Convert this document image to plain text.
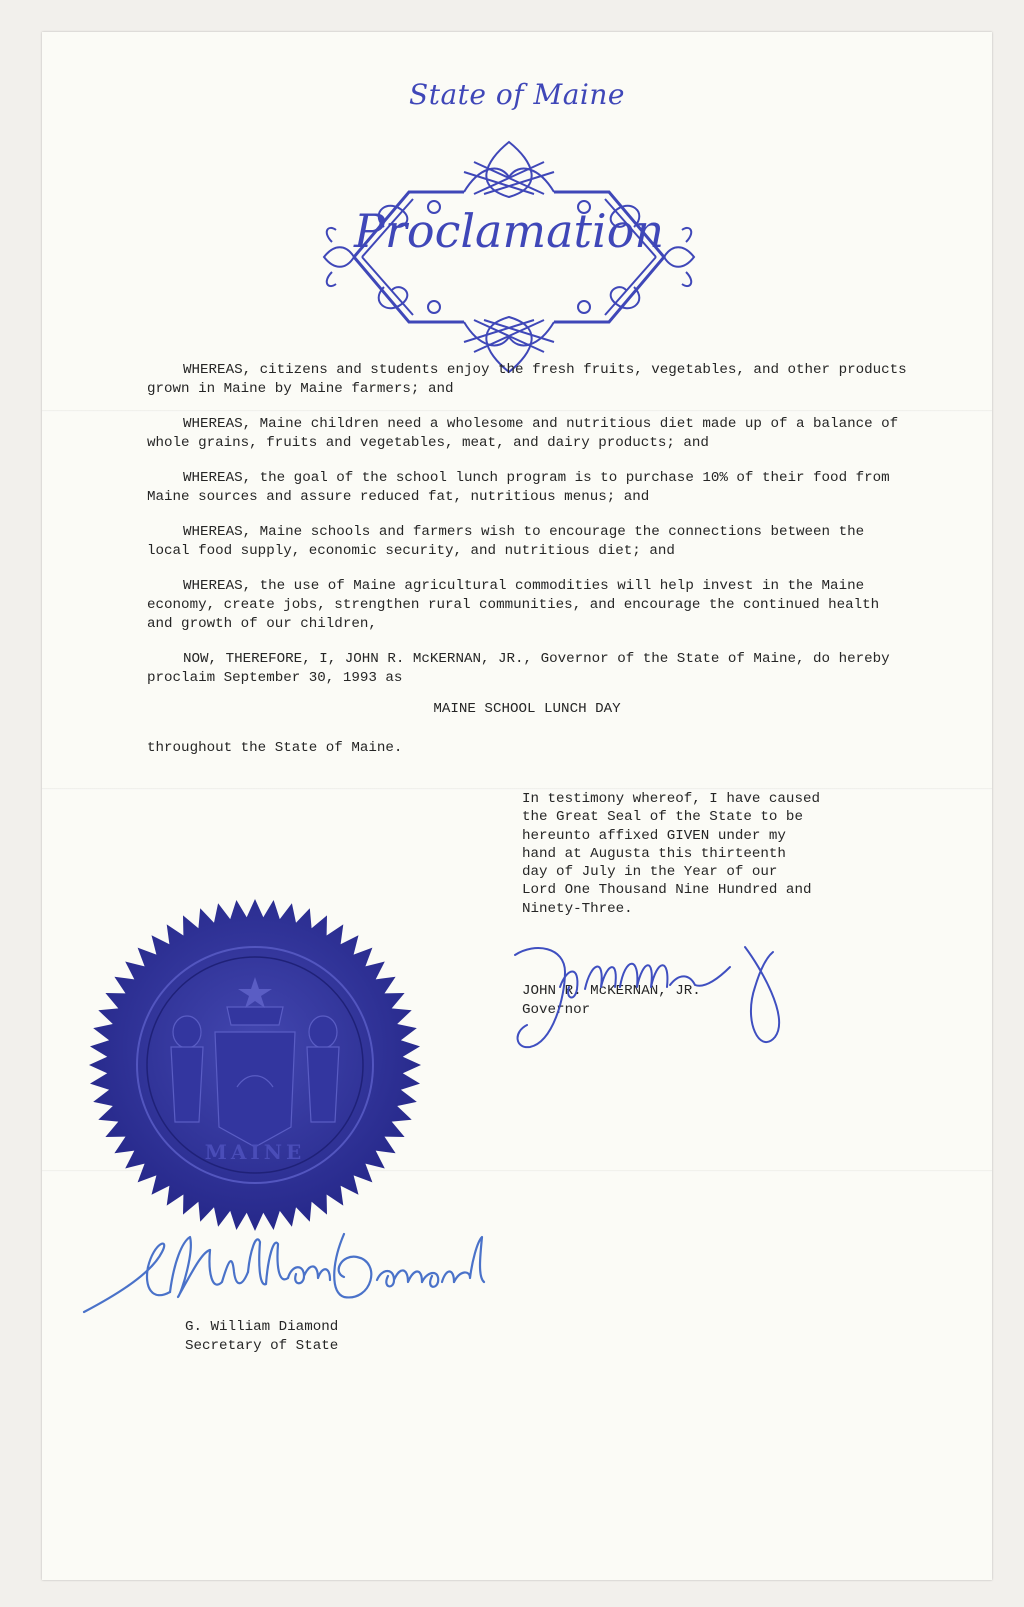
State of Maine
Proclamation

WHEREAS, citizens and students enjoy the fresh fruits, vegetables, and other products grown in Maine by Maine farmers; and

WHEREAS, Maine children need a wholesome and nutritious diet made up of a balance of whole grains, fruits and vegetables, meat, and dairy products; and

WHEREAS, the goal of the school lunch program is to purchase 10% of their food from Maine sources and assure reduced fat, nutritious menus; and

WHEREAS, Maine schools and farmers wish to encourage the connections between the local food supply, economic security, and nutritious diet; and

WHEREAS, the use of Maine agricultural commodities will help invest in the Maine economy, create jobs, strengthen rural communities, and encourage the continued health and growth of our children,

NOW, THEREFORE, I, JOHN R. McKERNAN, JR., Governor of the State of Maine, do hereby proclaim September 30, 1993 as

MAINE SCHOOL LUNCH DAY

throughout the State of Maine.

In testimony whereof, I have caused
the Great Seal of the State to be
hereunto affixed GIVEN under my
hand at Augusta this thirteenth
day of July in the Year of our
Lord One Thousand Nine Hundred and
Ninety-Three.
JOHN R. McKERNAN, JR.
Governor
MAINE
G. William Diamond
Secretary of State
